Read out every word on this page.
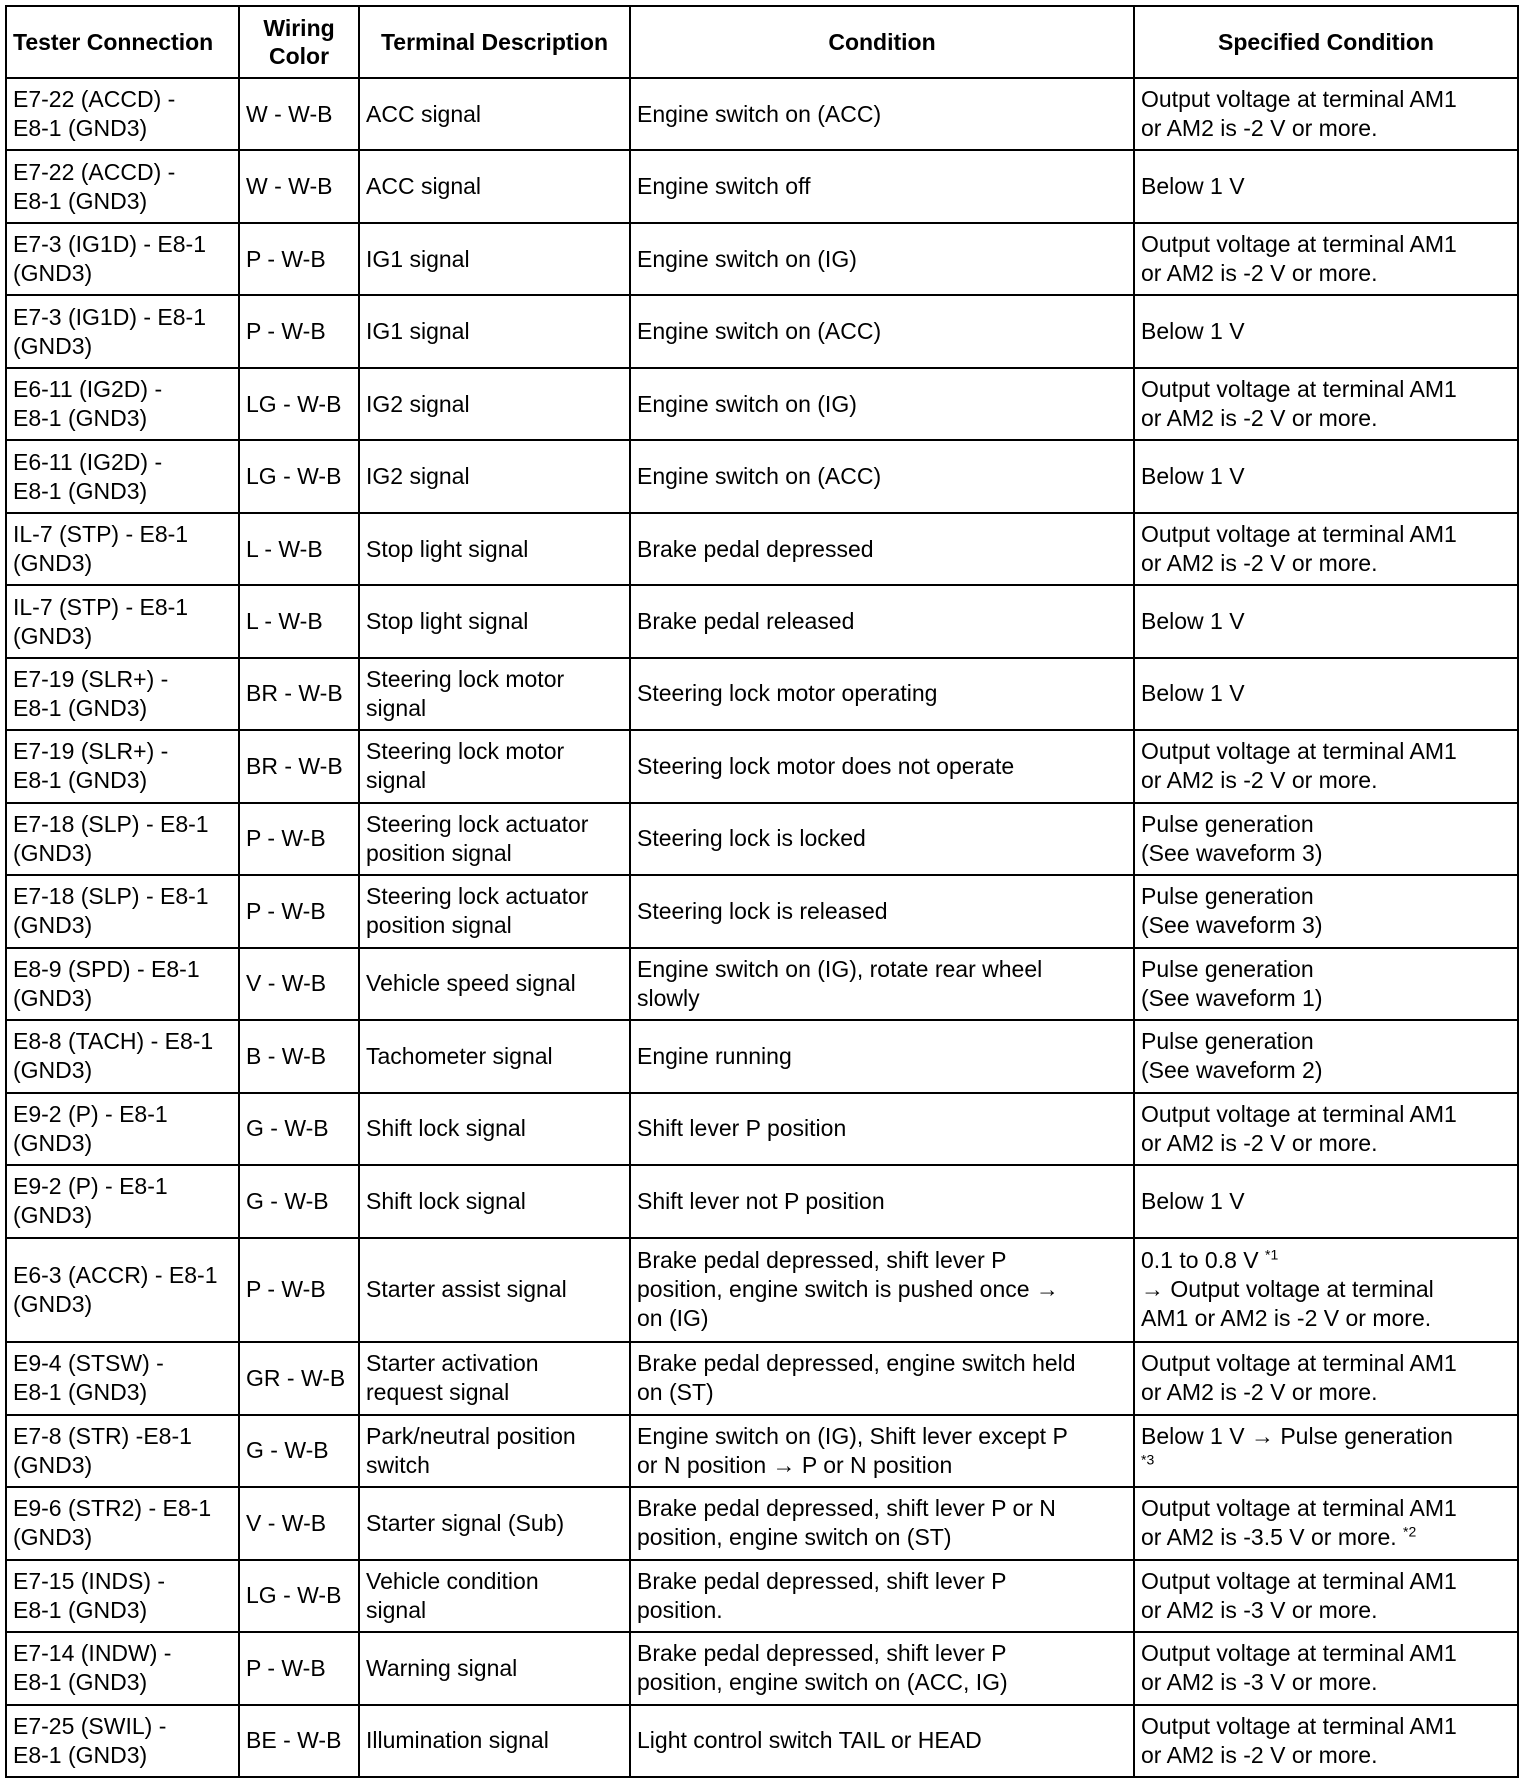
Tester Connection	Wiring
Color	Terminal Description	Condition	Specified Condition
E7-22 (ACCD) -
E8-1 (GND3)	W - W-B	ACC signal	Engine switch on (ACC)	Output voltage at terminal AM1
or AM2 is -2 V or more.
E7-22 (ACCD) -
E8-1 (GND3)	W - W-B	ACC signal	Engine switch off	Below 1 V
E7-3 (IG1D) - E8-1
(GND3)	P - W-B	IG1 signal	Engine switch on (IG)	Output voltage at terminal AM1
or AM2 is -2 V or more.
E7-3 (IG1D) - E8-1
(GND3)	P - W-B	IG1 signal	Engine switch on (ACC)	Below 1 V
E6-11 (IG2D) -
E8-1 (GND3)	LG - W-B	IG2 signal	Engine switch on (IG)	Output voltage at terminal AM1
or AM2 is -2 V or more.
E6-11 (IG2D) -
E8-1 (GND3)	LG - W-B	IG2 signal	Engine switch on (ACC)	Below 1 V
IL-7 (STP) - E8-1
(GND3)	L - W-B	Stop light signal	Brake pedal depressed	Output voltage at terminal AM1
or AM2 is -2 V or more.
IL-7 (STP) - E8-1
(GND3)	L - W-B	Stop light signal	Brake pedal released	Below 1 V
E7-19 (SLR+) -
E8-1 (GND3)	BR - W-B	Steering lock motor
signal	Steering lock motor operating	Below 1 V
E7-19 (SLR+) -
E8-1 (GND3)	BR - W-B	Steering lock motor
signal	Steering lock motor does not operate	Output voltage at terminal AM1
or AM2 is -2 V or more.
E7-18 (SLP) - E8-1
(GND3)	P - W-B	Steering lock actuator
position signal	Steering lock is locked	Pulse generation
(See waveform 3)
E7-18 (SLP) - E8-1
(GND3)	P - W-B	Steering lock actuator
position signal	Steering lock is released	Pulse generation
(See waveform 3)
E8-9 (SPD) - E8-1
(GND3)	V - W-B	Vehicle speed signal	Engine switch on (IG), rotate rear wheel
slowly	Pulse generation
(See waveform 1)
E8-8 (TACH) - E8-1
(GND3)	B - W-B	Tachometer signal	Engine running	Pulse generation
(See waveform 2)
E9-2 (P) - E8-1
(GND3)	G - W-B	Shift lock signal	Shift lever P position	Output voltage at terminal AM1
or AM2 is -2 V or more.
E9-2 (P) - E8-1
(GND3)	G - W-B	Shift lock signal	Shift lever not P position	Below 1 V
E6-3 (ACCR) - E8-1
(GND3)	P - W-B	Starter assist signal	Brake pedal depressed, shift lever P
position, engine switch is pushed once →
on (IG)	0.1 to 0.8 V $^{*1}$
→ Output voltage at terminal
AM1 or AM2 is -2 V or more.
E9-4 (STSW) -
E8-1 (GND3)	GR - W-B	Starter activation
request signal	Brake pedal depressed, engine switch held
on (ST)	Output voltage at terminal AM1
or AM2 is -2 V or more.
E7-8 (STR) -E8-1
(GND3)	G - W-B	Park/neutral position
switch	Engine switch on (IG), Shift lever except P
or N position → P or N position	Below 1 V → Pulse generation
$^{*3}$
E9-6 (STR2) - E8-1
(GND3)	V - W-B	Starter signal (Sub)	Brake pedal depressed, shift lever P or N
position, engine switch on (ST)	Output voltage at terminal AM1
or AM2 is -3.5 V or more. $^{*2}$
E7-15 (INDS) -
E8-1 (GND3)	LG - W-B	Vehicle condition
signal	Brake pedal depressed, shift lever P
position.	Output voltage at terminal AM1
or AM2 is -3 V or more.
E7-14 (INDW) -
E8-1 (GND3)	P - W-B	Warning signal	Brake pedal depressed, shift lever P
position, engine switch on (ACC, IG)	Output voltage at terminal AM1
or AM2 is -3 V or more.
E7-25 (SWIL) -
E8-1 (GND3)	BE - W-B	Illumination signal	Light control switch TAIL or HEAD	Output voltage at terminal AM1
or AM2 is -2 V or more.
